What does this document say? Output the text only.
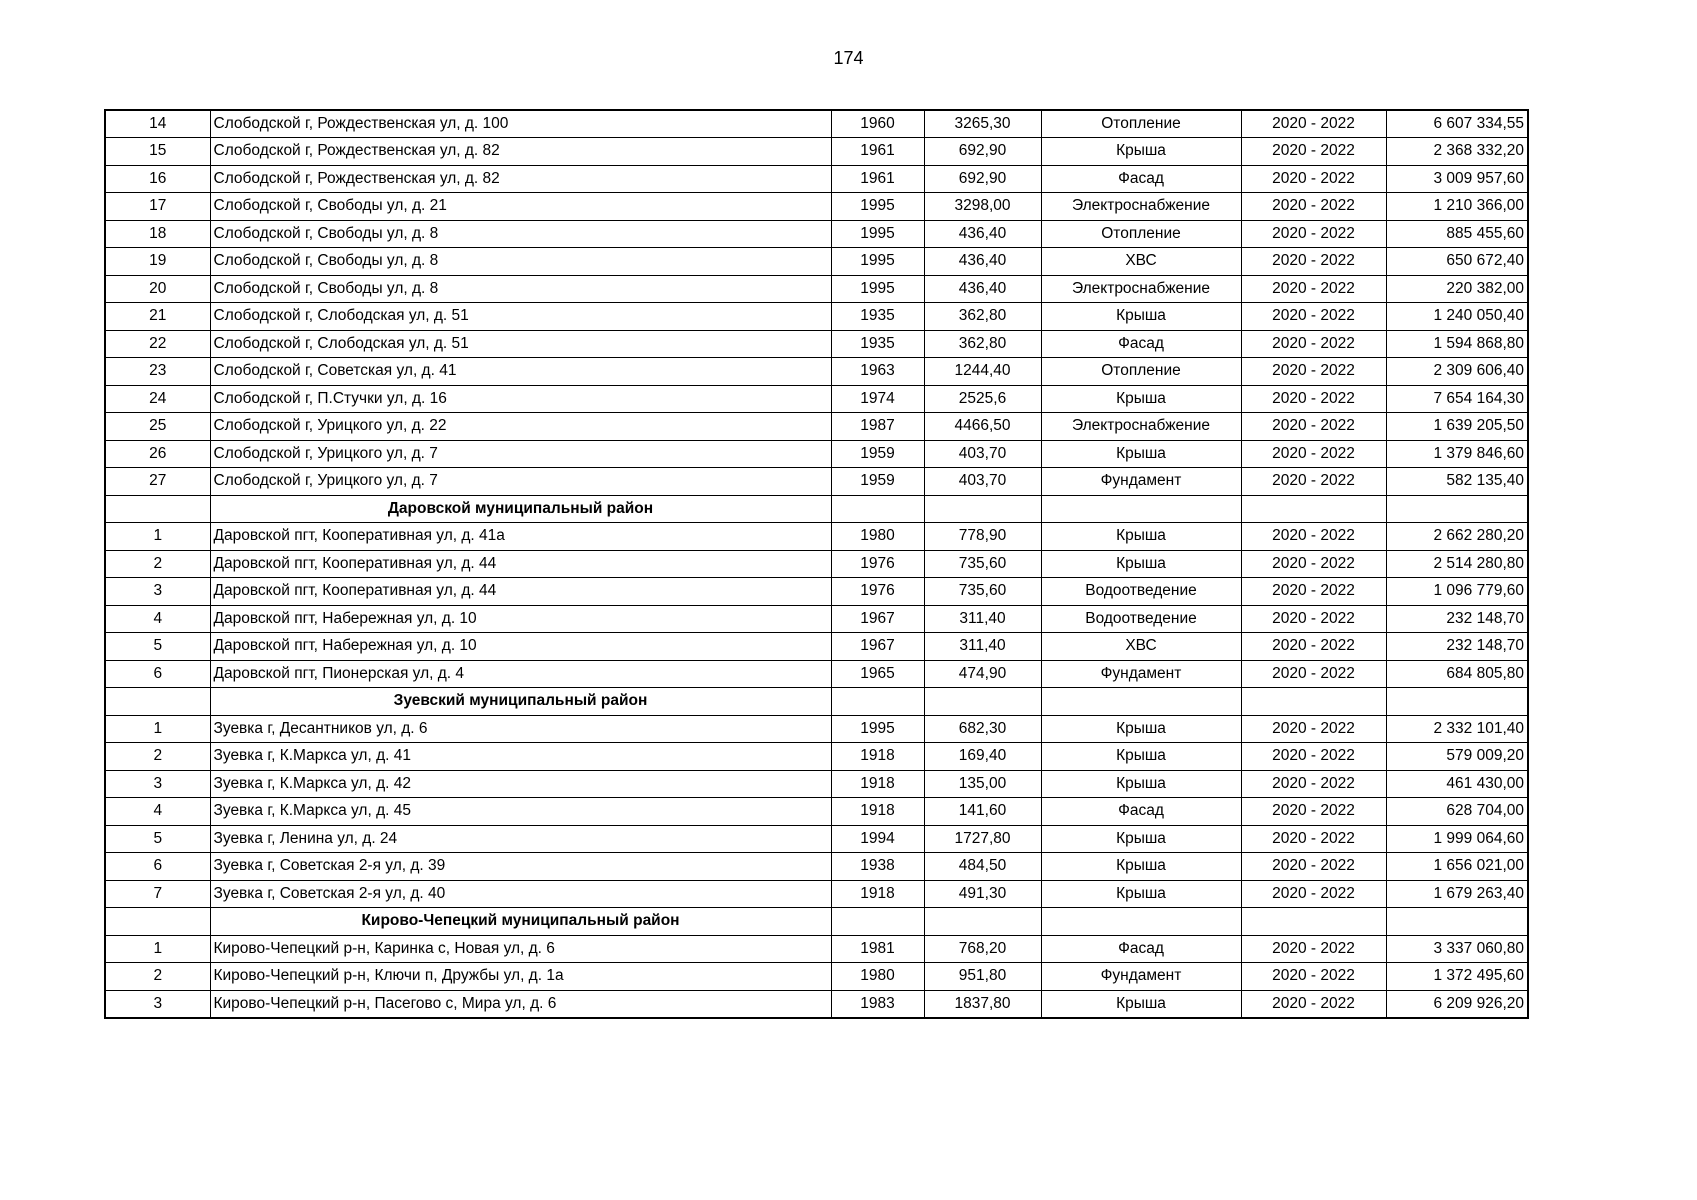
174
14	Слободской г, Рождественская ул, д. 100	1960	3265,30	Отопление	2020 - 2022	6 607 334,55
15	Слободской г, Рождественская ул, д. 82	1961	692,90	Крыша	2020 - 2022	2 368 332,20
16	Слободской г, Рождественская ул, д. 82	1961	692,90	Фасад	2020 - 2022	3 009 957,60
17	Слободской г, Свободы ул, д. 21	1995	3298,00	Электроснабжение	2020 - 2022	1 210 366,00
18	Слободской г, Свободы ул, д. 8	1995	436,40	Отопление	2020 - 2022	885 455,60
19	Слободской г, Свободы ул, д. 8	1995	436,40	ХВС	2020 - 2022	650 672,40
20	Слободской г, Свободы ул, д. 8	1995	436,40	Электроснабжение	2020 - 2022	220 382,00
21	Слободской г, Слободская ул, д. 51	1935	362,80	Крыша	2020 - 2022	1 240 050,40
22	Слободской г, Слободская ул, д. 51	1935	362,80	Фасад	2020 - 2022	1 594 868,80
23	Слободской г, Советская ул, д. 41	1963	1244,40	Отопление	2020 - 2022	2 309 606,40
24	Слободской г, П.Стучки ул, д. 16	1974	2525,6	Крыша	2020 - 2022	7 654 164,30
25	Слободской г, Урицкого ул, д. 22	1987	4466,50	Электроснабжение	2020 - 2022	1 639 205,50
26	Слободской г, Урицкого ул, д. 7	1959	403,70	Крыша	2020 - 2022	1 379 846,60
27	Слободской г, Урицкого ул, д. 7	1959	403,70	Фундамент	2020 - 2022	582 135,40
	Даровской муниципальный район					
1	Даровской пгт, Кооперативная ул, д. 41а	1980	778,90	Крыша	2020 - 2022	2 662 280,20
2	Даровской пгт, Кооперативная ул, д. 44	1976	735,60	Крыша	2020 - 2022	2 514 280,80
3	Даровской пгт, Кооперативная ул, д. 44	1976	735,60	Водоотведение	2020 - 2022	1 096 779,60
4	Даровской пгт, Набережная ул, д. 10	1967	311,40	Водоотведение	2020 - 2022	232 148,70
5	Даровской пгт, Набережная ул, д. 10	1967	311,40	ХВС	2020 - 2022	232 148,70
6	Даровской пгт, Пионерская ул, д. 4	1965	474,90	Фундамент	2020 - 2022	684 805,80
	Зуевский муниципальный район					
1	Зуевка г, Десантников ул, д. 6	1995	682,30	Крыша	2020 - 2022	2 332 101,40
2	Зуевка г, К.Маркса ул, д. 41	1918	169,40	Крыша	2020 - 2022	579 009,20
3	Зуевка г, К.Маркса ул, д. 42	1918	135,00	Крыша	2020 - 2022	461 430,00
4	Зуевка г, К.Маркса ул, д. 45	1918	141,60	Фасад	2020 - 2022	628 704,00
5	Зуевка г, Ленина ул, д. 24	1994	1727,80	Крыша	2020 - 2022	1 999 064,60
6	Зуевка г, Советская 2-я ул, д. 39	1938	484,50	Крыша	2020 - 2022	1 656 021,00
7	Зуевка г, Советская 2-я ул, д. 40	1918	491,30	Крыша	2020 - 2022	1 679 263,40
	Кирово-Чепецкий муниципальный район					
1	Кирово-Чепецкий р-н, Каринка с, Новая ул, д. 6	1981	768,20	Фасад	2020 - 2022	3 337 060,80
2	Кирово-Чепецкий р-н, Ключи п, Дружбы ул, д. 1а	1980	951,80	Фундамент	2020 - 2022	1 372 495,60
3	Кирово-Чепецкий р-н, Пасегово с, Мира ул, д. 6	1983	1837,80	Крыша	2020 - 2022	6 209 926,20
